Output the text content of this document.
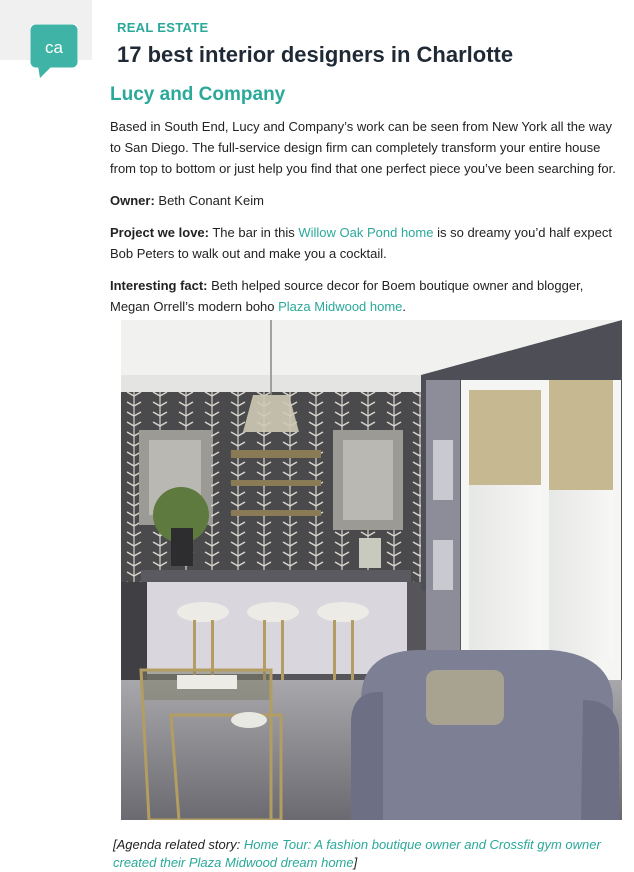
ca
REAL ESTATE
17 best interior designers in Charlotte
Lucy and Company

Based in South End, Lucy and Company’s work can be seen from New York all the way to San Diego. The full-service design firm can completely transform your entire house from top to bottom or just help you find that one perfect piece you’ve been searching for.

Owner: Beth Conant Keim

Project we love: The bar in this Willow Oak Pond home is so dreamy you’d half expect Bob Peters to walk out and make you a cocktail.

Interesting fact: Beth helped source decor for Boem boutique owner and blogger, Megan Orrell’s modern boho Plaza Midwood home.

[Agenda related story: Home Tour: A fashion boutique owner and Crossfit gym owner created their Plaza Midwood dream home]
